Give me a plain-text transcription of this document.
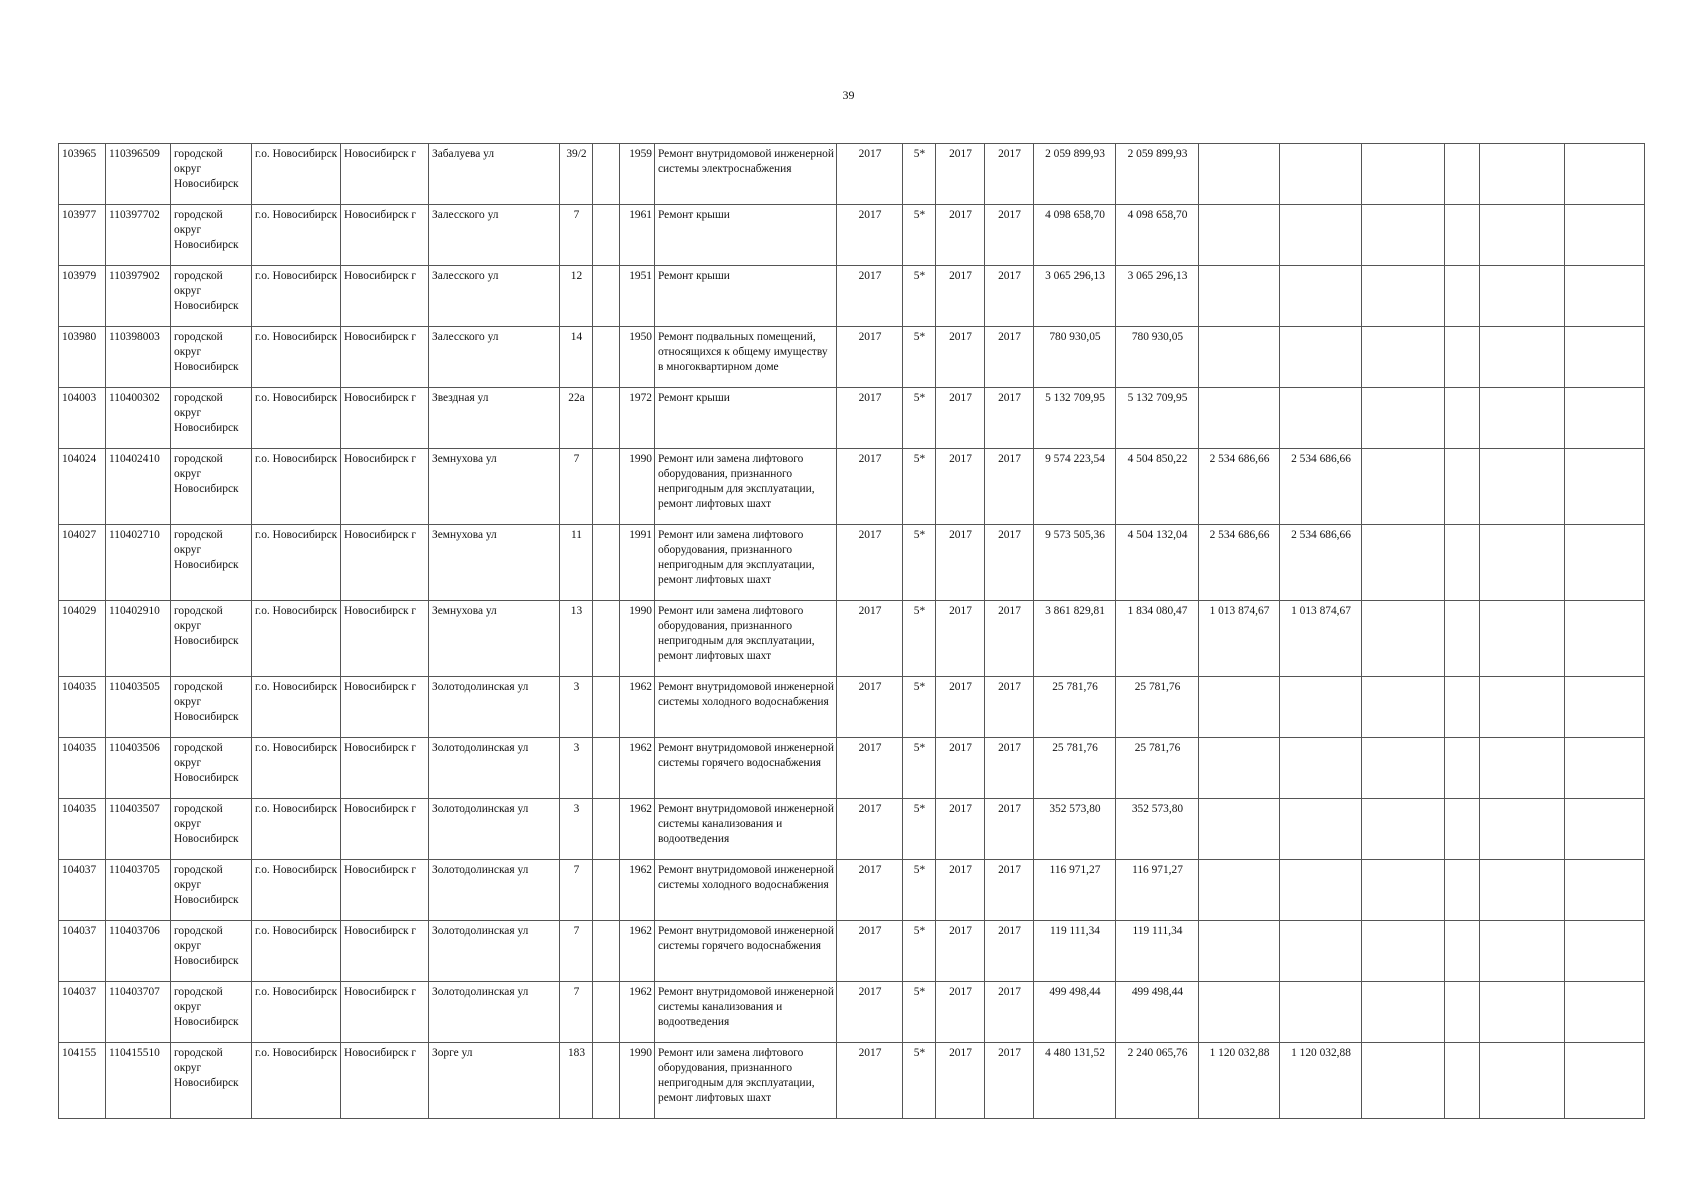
39
103965	110396509	городской округ Новосибирск	г.о. Новосибирск	Новосибирск г	Забалуева ул	39/2		1959	Ремонт внутридомовой инженерной системы электроснабжения	2017	5*	2017	2017	2 059 899,93	2 059 899,93						
103977	110397702	городской округ Новосибирск	г.о. Новосибирск	Новосибирск г	Залесского ул	7		1961	Ремонт крыши	2017	5*	2017	2017	4 098 658,70	4 098 658,70						
103979	110397902	городской округ Новосибирск	г.о. Новосибирск	Новосибирск г	Залесского ул	12		1951	Ремонт крыши	2017	5*	2017	2017	3 065 296,13	3 065 296,13						
103980	110398003	городской округ Новосибирск	г.о. Новосибирск	Новосибирск г	Залесского ул	14		1950	Ремонт подвальных помещений, относящихся к общему имуществу в многоквартирном доме	2017	5*	2017	2017	780 930,05	780 930,05						
104003	110400302	городской округ Новосибирск	г.о. Новосибирск	Новосибирск г	Звездная ул	22а		1972	Ремонт крыши	2017	5*	2017	2017	5 132 709,95	5 132 709,95						
104024	110402410	городской округ Новосибирск	г.о. Новосибирск	Новосибирск г	Земнухова ул	7		1990	Ремонт или замена лифтового оборудования, признанного непригодным для эксплуатации, ремонт лифтовых шахт	2017	5*	2017	2017	9 574 223,54	4 504 850,22	2 534 686,66	2 534 686,66				
104027	110402710	городской округ Новосибирск	г.о. Новосибирск	Новосибирск г	Земнухова ул	11		1991	Ремонт или замена лифтового оборудования, признанного непригодным для эксплуатации, ремонт лифтовых шахт	2017	5*	2017	2017	9 573 505,36	4 504 132,04	2 534 686,66	2 534 686,66				
104029	110402910	городской округ Новосибирск	г.о. Новосибирск	Новосибирск г	Земнухова ул	13		1990	Ремонт или замена лифтового оборудования, признанного непригодным для эксплуатации, ремонт лифтовых шахт	2017	5*	2017	2017	3 861 829,81	1 834 080,47	1 013 874,67	1 013 874,67				
104035	110403505	городской округ Новосибирск	г.о. Новосибирск	Новосибирск г	Золотодолинская ул	3		1962	Ремонт внутридомовой инженерной системы холодного водоснабжения	2017	5*	2017	2017	25 781,76	25 781,76						
104035	110403506	городской округ Новосибирск	г.о. Новосибирск	Новосибирск г	Золотодолинская ул	3		1962	Ремонт внутридомовой инженерной системы горячего водоснабжения	2017	5*	2017	2017	25 781,76	25 781,76						
104035	110403507	городской округ Новосибирск	г.о. Новосибирск	Новосибирск г	Золотодолинская ул	3		1962	Ремонт внутридомовой инженерной системы канализования и водоотведения	2017	5*	2017	2017	352 573,80	352 573,80						
104037	110403705	городской округ Новосибирск	г.о. Новосибирск	Новосибирск г	Золотодолинская ул	7		1962	Ремонт внутридомовой инженерной системы холодного водоснабжения	2017	5*	2017	2017	116 971,27	116 971,27						
104037	110403706	городской округ Новосибирск	г.о. Новосибирск	Новосибирск г	Золотодолинская ул	7		1962	Ремонт внутридомовой инженерной системы горячего водоснабжения	2017	5*	2017	2017	119 111,34	119 111,34						
104037	110403707	городской округ Новосибирск	г.о. Новосибирск	Новосибирск г	Золотодолинская ул	7		1962	Ремонт внутридомовой инженерной системы канализования и водоотведения	2017	5*	2017	2017	499 498,44	499 498,44						
104155	110415510	городской округ Новосибирск	г.о. Новосибирск	Новосибирск г	Зорге ул	183		1990	Ремонт или замена лифтового оборудования, признанного непригодным для эксплуатации, ремонт лифтовых шахт	2017	5*	2017	2017	4 480 131,52	2 240 065,76	1 120 032,88	1 120 032,88				
